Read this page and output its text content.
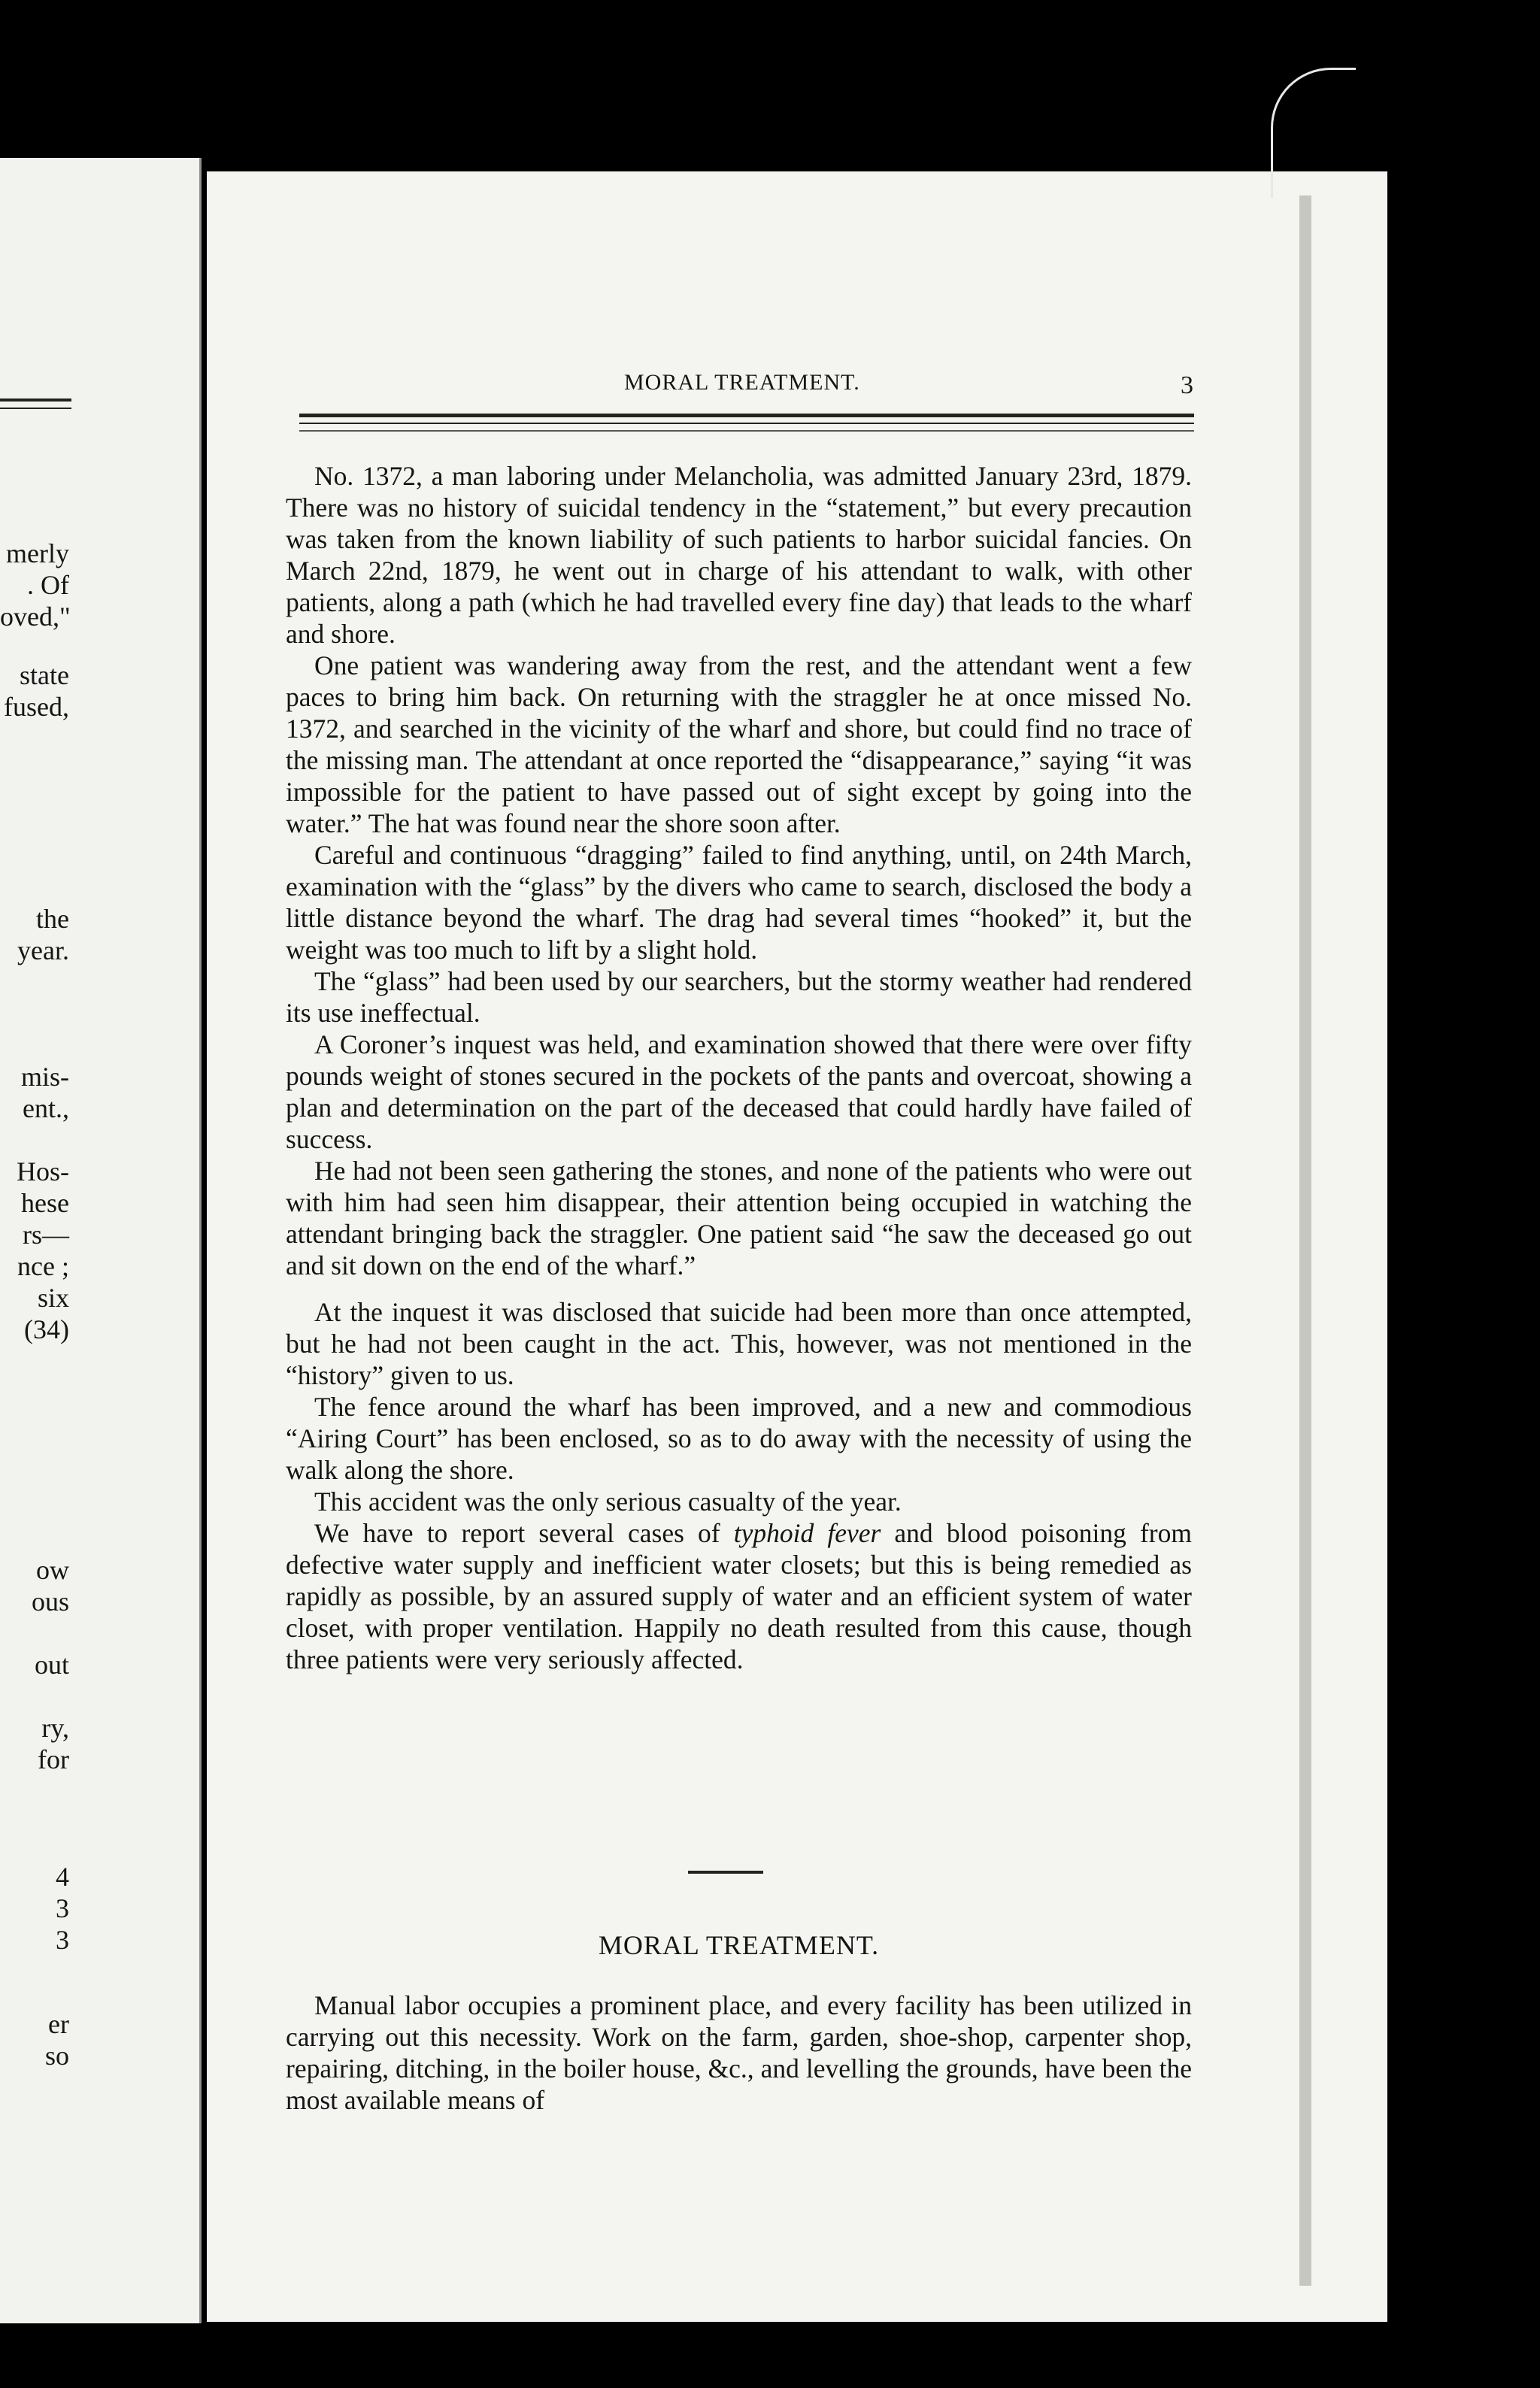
merly
. Of
oved,"
state
fused,
the
year.
mis-
ent.,
Hos-
hese
rs—
nce ;
six
(34)
ow
ous
out
ry,
for
4
3
3
er
so
MORAL TREATMENT.	3

No. 1372, a man laboring under Melancholia, was admitted January 23rd, 1879. There was no history of suicidal tendency in the “statement,” but every precaution was taken from the known liability of such patients to harbor suicidal fancies. On March 22nd, 1879, he went out in charge of his attendant to walk, with other patients, along a path (which he had travelled every fine day) that leads to the wharf and shore.

One patient was wandering away from the rest, and the attendant went a few paces to bring him back. On returning with the straggler he at once missed No. 1372, and searched in the vicinity of the wharf and shore, but could find no trace of the missing man. The attendant at once reported the “disappearance,” saying “it was impossible for the patient to have passed out of sight except by going into the water.” The hat was found near the shore soon after.

Careful and continuous “dragging” failed to find anything, until, on 24th March, examination with the “glass” by the divers who came to search, disclosed the body a little distance beyond the wharf. The drag had several times “hooked” it, but the weight was too much to lift by a slight hold.

The “glass” had been used by our searchers, but the stormy weather had rendered its use ineffectual.

A Coroner’s inquest was held, and examination showed that there were over fifty pounds weight of stones secured in the pockets of the pants and overcoat, showing a plan and determination on the part of the deceased that could hardly have failed of success.

He had not been seen gathering the stones, and none of the patients who were out with him had seen him disappear, their attention being occupied in watching the attendant bringing back the straggler. One patient said “he saw the deceased go out and sit down on the end of the wharf.”

At the inquest it was disclosed that suicide had been more than once attempted, but he had not been caught in the act. This, however, was not mentioned in the “history” given to us.

The fence around the wharf has been improved, and a new and commodious “Airing Court” has been enclosed, so as to do away with the necessity of using the walk along the shore.

This accident was the only serious casualty of the year.

We have to report several cases of typhoid fever and blood poisoning from defective water supply and inefficient water closets; but this is being remedied as rapidly as possible, by an assured supply of water and an efficient system of water closet, with proper ventilation. Happily no death resulted from this cause, though three patients were very seriously affected.

MORAL TREATMENT.

Manual labor occupies a prominent place, and every facility has been utilized in carrying out this necessity. Work on the farm, garden, shoe-shop, carpenter shop, repairing, ditching, in the boiler house, &c., and levelling the grounds, have been the most available means of
